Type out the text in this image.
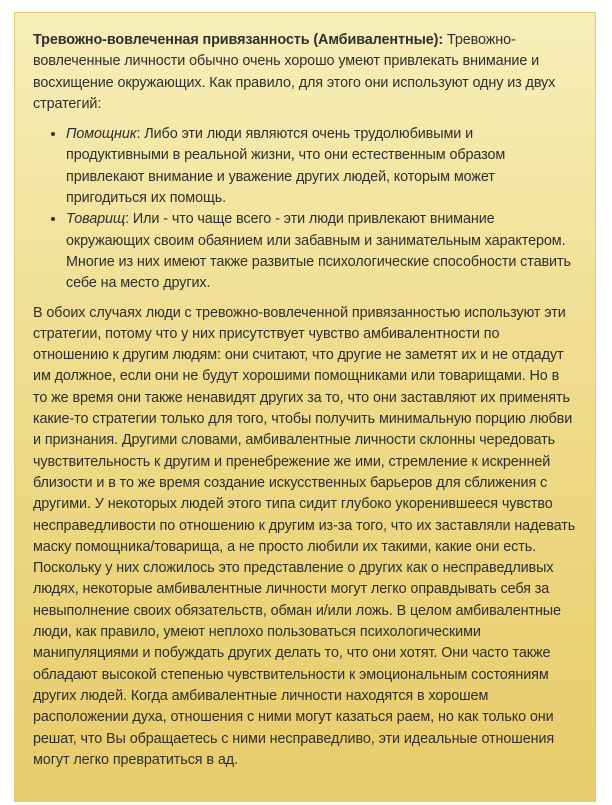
Тревожно-вовлеченная привязанность (Амбивалентные): Тревожно-вовлеченные личности обычно очень хорошо умеют привлекать внимание и восхищение окружающих. Как правило, для этого они используют одну из двух стратегий:

• Помощник: Либо эти люди являются очень трудолюбивыми и продуктивными в реальной жизни, что они естественным образом привлекают внимание и уважение других людей, которым может пригодиться их помощь.
• Товарищ: Или - что чаще всего - эти люди привлекают внимание окружающих своим обаянием или забавным и занимательным характером. Многие из них имеют также развитые психологические способности ставить себе на место других.

В обоих случаях люди с тревожно-вовлеченной привязанностью используют эти стратегии, потому что у них присутствует чувство амбивалентности по отношению к другим людям: они считают, что другие не заметят их и не отдадут им должное, если они не будут хорошими помощниками или товарищами. Но в то же время они также ненавидят других за то, что они заставляют их применять какие-то стратегии только для того, чтобы получить минимальную порцию любви и признания. Другими словами, амбивалентные личности склонны чередовать чувствительность к другим и пренебрежение же ими, стремление к искренней близости и в то же время создание искусственных барьеров для сближения с другими. У некоторых людей этого типа сидит глубоко укоренившееся чувство несправедливости по отношению к другим из-за того, что их заставляли надевать маску помощника/товарища, а не просто любили их такими, какие они есть. Поскольку у них сложилось это представление о других как о несправедливых людях, некоторые амбивалентные личности могут легко оправдывать себя за невыполнение своих обязательств, обман и/или ложь. В целом амбивалентные люди, как правило, умеют неплохо пользоваться психологическими манипуляциями и побуждать других делать то, что они хотят. Они часто также обладают высокой степенью чувствительности к эмоциональным состояниям других людей. Когда амбивалентные личности находятся в хорошем расположении духа, отношения с ними могут казаться раем, но как только они решат, что Вы обращаетесь с ними несправедливо, эти идеальные отношения могут легко превратиться в ад.
